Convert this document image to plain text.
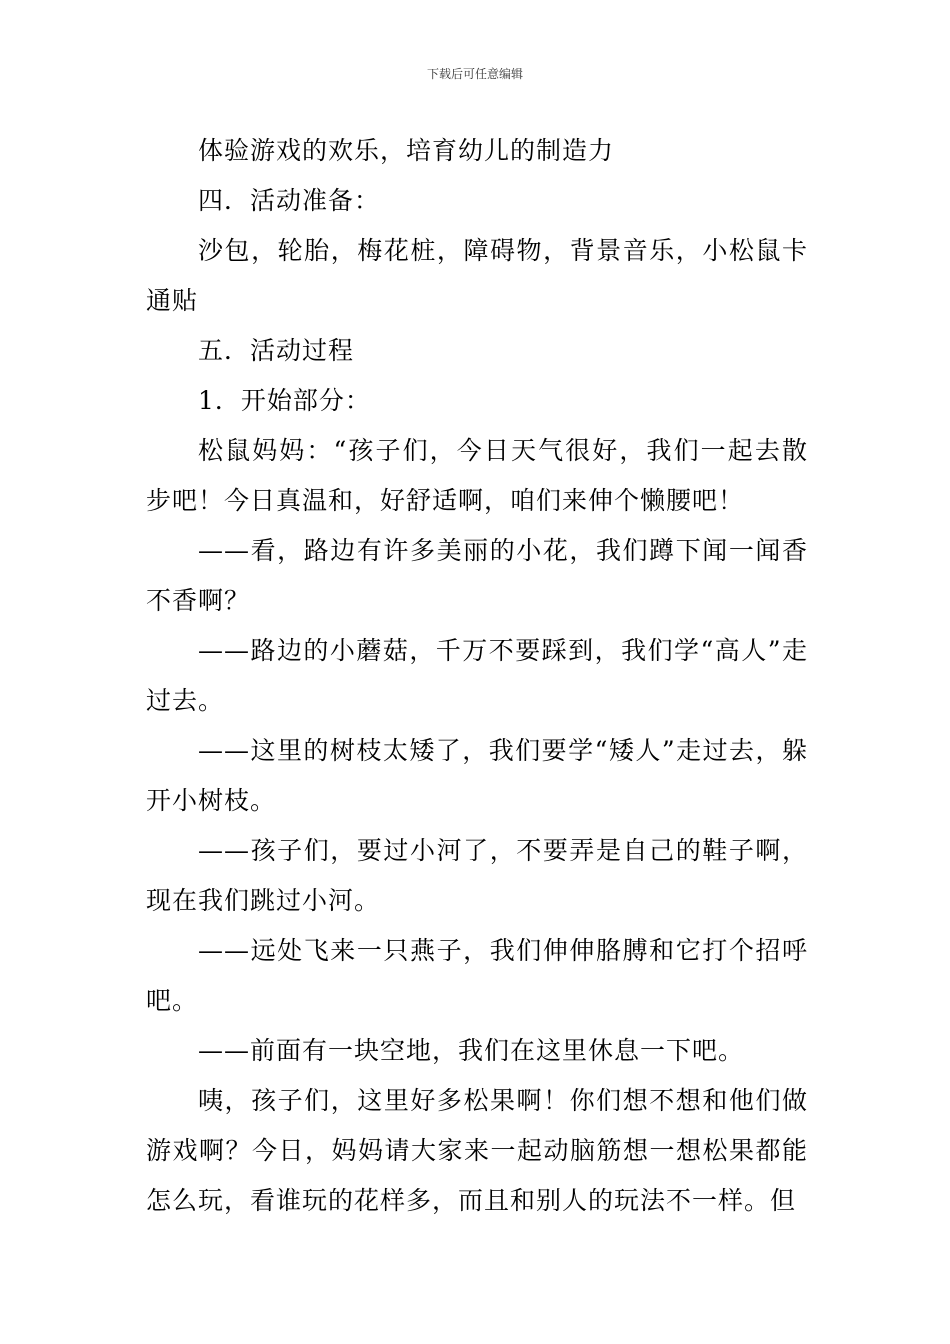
下载后可任意编辑

体验游戏的欢乐，培育幼儿的制造力

四．活动准备：

沙包，轮胎，梅花桩，障碍物，背景音乐，小松鼠卡通贴

五．活动过程

1．开始部分：

松鼠妈妈：“孩子们，今日天气很好，我们一起去散步吧！今日真温和，好舒适啊，咱们来伸个懒腰吧！

——看，路边有许多美丽的小花，我们蹲下闻一闻香不香啊？

——路边的小蘑菇，千万不要踩到，我们学“高人”走过去。

——这里的树枝太矮了，我们要学“矮人”走过去，躲开小树枝。

——孩子们，要过小河了，不要弄是自己的鞋子啊，现在我们跳过小河。

——远处飞来一只燕子，我们伸伸胳膊和它打个招呼吧。

——前面有一块空地，我们在这里休息一下吧。

咦，孩子们，这里好多松果啊！你们想不想和他们做游戏啊？今日，妈妈请大家来一起动脑筋想一想松果都能怎么玩，看谁玩的花样多，而且和别人的玩法不一样。但
